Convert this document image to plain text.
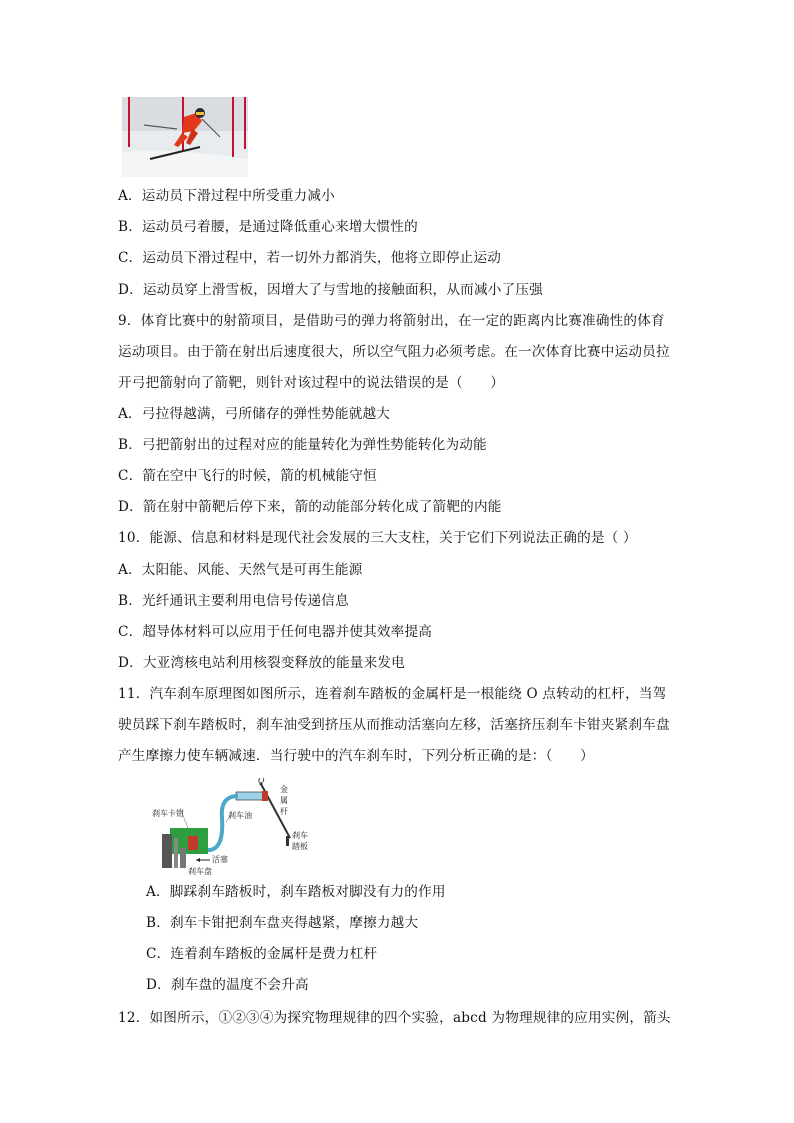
A．运动员下滑过程中所受重力减小
B．运动员弓着腰，是通过降低重心来增大惯性的
C．运动员下滑过程中，若一切外力都消失，他将立即停止运动
D．运动员穿上滑雪板，因增大了与雪地的接触面积，从而减小了压强
9．体育比赛中的射箭项目，是借助弓的弹力将箭射出，在一定的距离内比赛准确性的体育
运动项目。由于箭在射出后速度很大，所以空气阻力必须考虑。在一次体育比赛中运动员拉
开弓把箭射向了箭靶，则针对该过程中的说法错误的是（　　）
A．弓拉得越满，弓所储存的弹性势能就越大
B．弓把箭射出的过程对应的能量转化为弹性势能转化为动能
C．箭在空中飞行的时候，箭的机械能守恒
D．箭在射中箭靶后停下来，箭的动能部分转化成了箭靶的内能
10．能源、信息和材料是现代社会发展的三大支柱，关于它们下列说法正确的是（ ）
A．太阳能、风能、天然气是可再生能源
B．光纤通讯主要利用电信号传递信息
C．超导体材料可以应用于任何电器并使其效率提高
D．大亚湾核电站利用核裂变释放的能量来发电
11．汽车刹车原理图如图所示，连着刹车踏板的金属杆是一根能绕 O 点转动的杠杆，当驾
驶员踩下刹车踏板时，刹车油受到挤压从而推动活塞向左移，活塞挤压刹车卡钳夹紧刹车盘
产生摩擦力使车辆减速．当行驶中的汽车刹车时，下列分析正确的是：（　　）
O
刹车卡钳	刹车油
金
属
杆
刹车
踏板
活塞
刹车盘
A．脚踩刹车踏板时，刹车踏板对脚没有力的作用
B．刹车卡钳把刹车盘夹得越紧，摩擦力越大
C．连着刹车踏板的金属杆是费力杠杆
D．刹车盘的温度不会升高
12．如图所示，①②③④为探究物理规律的四个实验，abcd 为物理规律的应用实例，箭头
